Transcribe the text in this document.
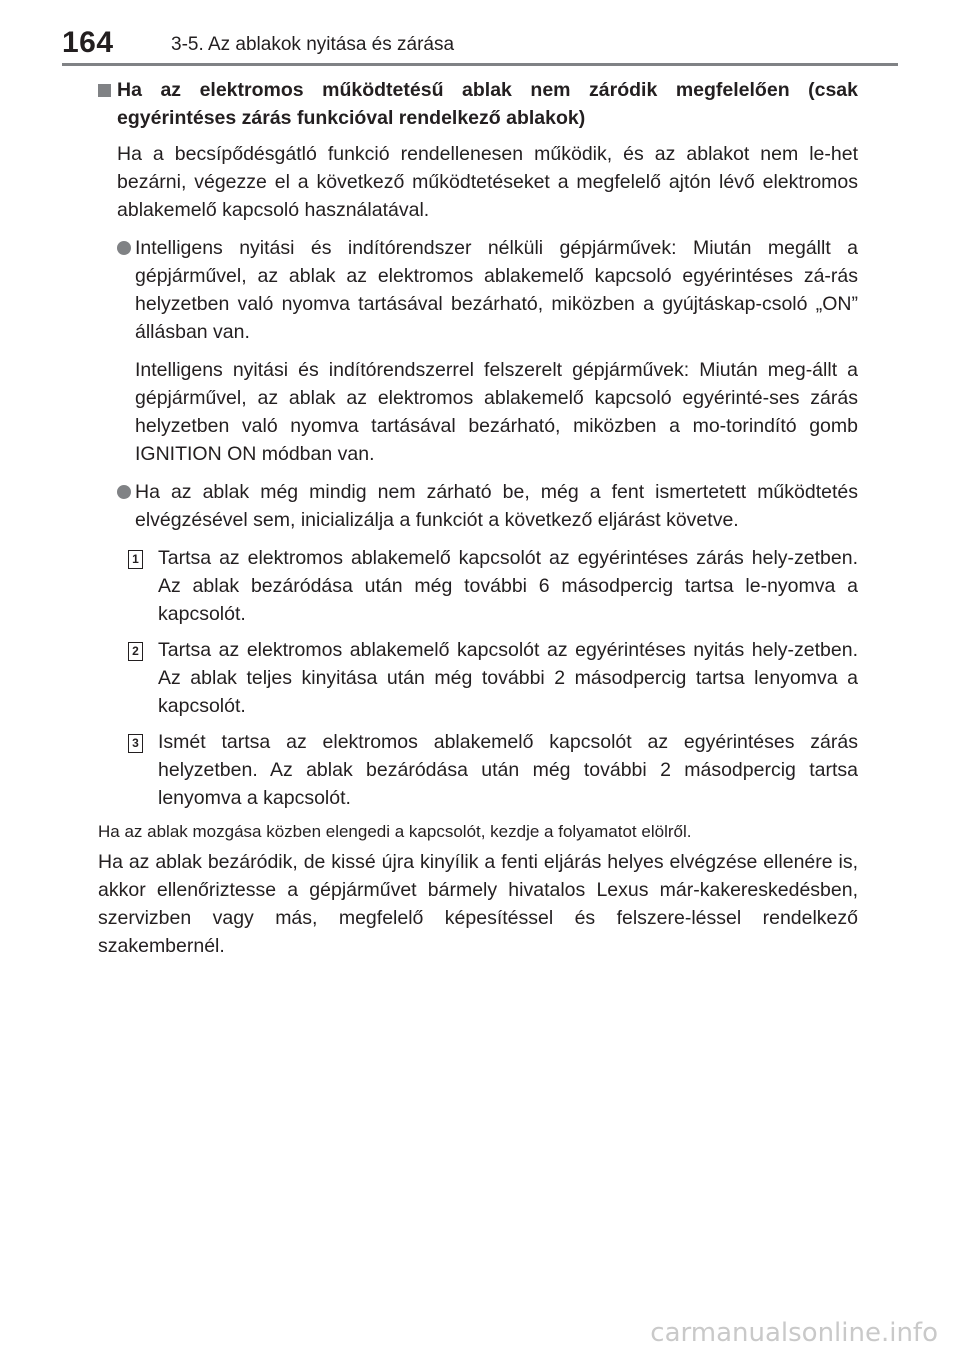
164	3-5. Az ablakok nyitása és zárása

Ha az elektromos működtetésű ablak nem záródik megfelelően (csak egyérintéses zárás funkcióval rendelkező ablakok)

Ha a becsípődésgátló funkció rendellenesen működik, és az ablakot nem le-het bezárni, végezze el a következő működtetéseket a megfelelő ajtón lévő elektromos ablakemelő kapcsoló használatával.

Intelligens nyitási és indítórendszer nélküli gépjárművek: Miután megállt a gépjárművel, az ablak az elektromos ablakemelő kapcsoló egyérintéses zá-rás helyzetben való nyomva tartásával bezárható, miközben a gyújtáskap-csoló „ON” állásban van.

Intelligens nyitási és indítórendszerrel felszerelt gépjárművek: Miután meg-állt a gépjárművel, az ablak az elektromos ablakemelő kapcsoló egyérinté-ses zárás helyzetben való nyomva tartásával bezárható, miközben a mo-torindító gomb IGNITION ON módban van.

Ha az ablak még mindig nem zárható be, még a fent ismertetett működtetés elvégzésével sem, inicializálja a funkciót a következő eljárást követve.

1 Tartsa az elektromos ablakemelő kapcsolót az egyérintéses zárás hely-zetben. Az ablak bezáródása után még további 6 másodpercig tartsa le-nyomva a kapcsolót.

2 Tartsa az elektromos ablakemelő kapcsolót az egyérintéses nyitás hely-zetben. Az ablak teljes kinyitása után még további 2 másodpercig tartsa lenyomva a kapcsolót.

3 Ismét tartsa az elektromos ablakemelő kapcsolót az egyérintéses zárás helyzetben. Az ablak bezáródása után még további 2 másodpercig tartsa lenyomva a kapcsolót.

Ha az ablak mozgása közben elengedi a kapcsolót, kezdje a folyamatot elölről.

Ha az ablak bezáródik, de kissé újra kinyílik a fenti eljárás helyes elvégzése ellenére is, akkor ellenőriztesse a gépjárművet bármely hivatalos Lexus már-kakereskedésben, szervizben vagy más, megfelelő képesítéssel és felszere-léssel rendelkező szakembernél.

carmanualsonline.info
